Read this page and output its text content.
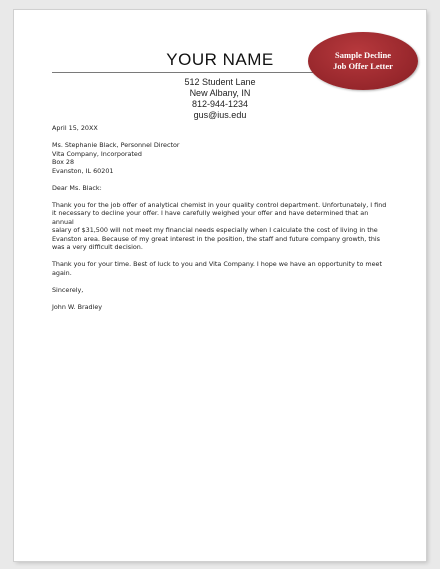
YOUR NAME	Sample Decline
Job Offer Letter
512 Student Lane
New Albany, IN
812-944-1234
gus@ius.edu

April 15, 20XX

Ms. Stephanie Black, Personnel Director

Vita Company, Incorporated

Box 28

Evanston, IL 60201

Dear Ms. Black:

Thank you for the job offer of analytical chemist in your quality control department. Unfortunately, I find

it necessary to decline your offer. I have carefully weighed your offer and have determined that an annual

salary of $31,500 will not meet my financial needs especially when I calculate the cost of living in the

Evanston area. Because of my great interest in the position, the staff and future company growth, this

was a very difficult decision.

Thank you for your time. Best of luck to you and Vita Company. I hope we have an opportunity to meet

again.

Sincerely,

John W. Bradley
